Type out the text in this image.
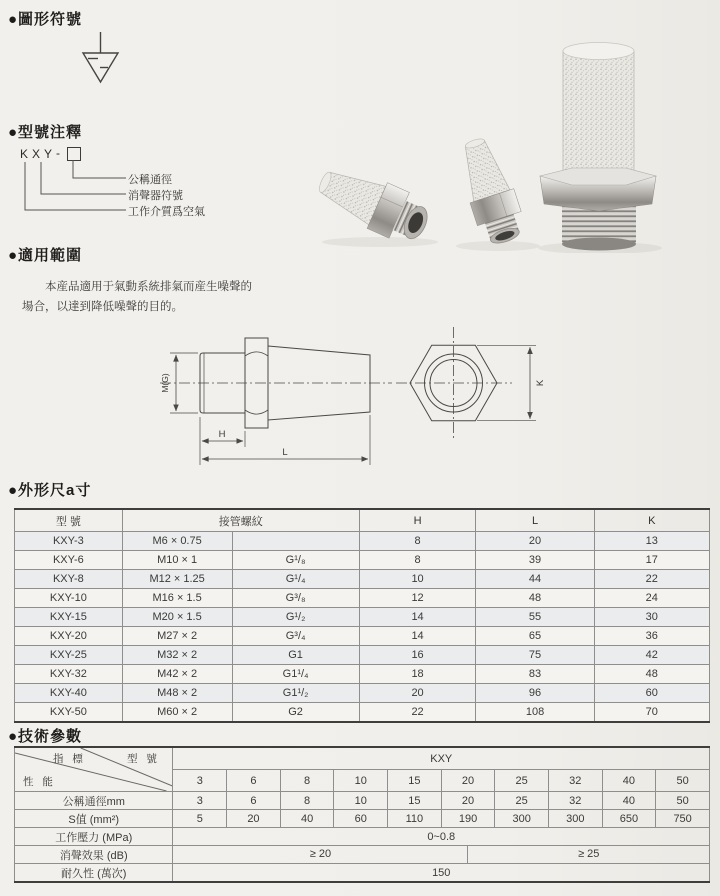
●圖形符號
●型號注釋
●適用範圍
●外形尺a寸
●技術參數
KXY -
公稱通徑
消聲器符號
工作介質爲空氣
本産品適用于氣動系統排氣而産生噪聲的場合，以達到降低噪聲的目的。
M(G)
H
L
K
型 號	接管螺紋		H	L	K
KXY-3	M6 × 0.75		8	20	13
KXY-6	M10 × 1	G¹/₈	8	39	17
KXY-8	M12 × 1.25	G¹/₄	10	44	22
KXY-10	M16 × 1.5	G³/₈	12	48	24
KXY-15	M20 × 1.5	G¹/₂	14	55	30
KXY-20	M27 × 2	G³/₄	14	65	36
KXY-25	M32 × 2	G1	16	75	42
KXY-32	M42 × 2	G1¹/₄	18	83	48
KXY-40	M48 × 2	G1¹/₂	20	96	60
KXY-50	M60 × 2	G2	22	108	70
指 標 型 號
性 能	KXY									
	3	6	8	10	15	20	25	32	40	50
公稱通徑mm	3	6	8	10	15	20	25	32	40	50
S值 (mm²)	5	20	40	60	110	190	300	300	650	750
工作壓力 (MPa)	0~0.8									
消聲效果 (dB)	≥ 20 ≥ 25									

耐久性 (萬次)	150									
